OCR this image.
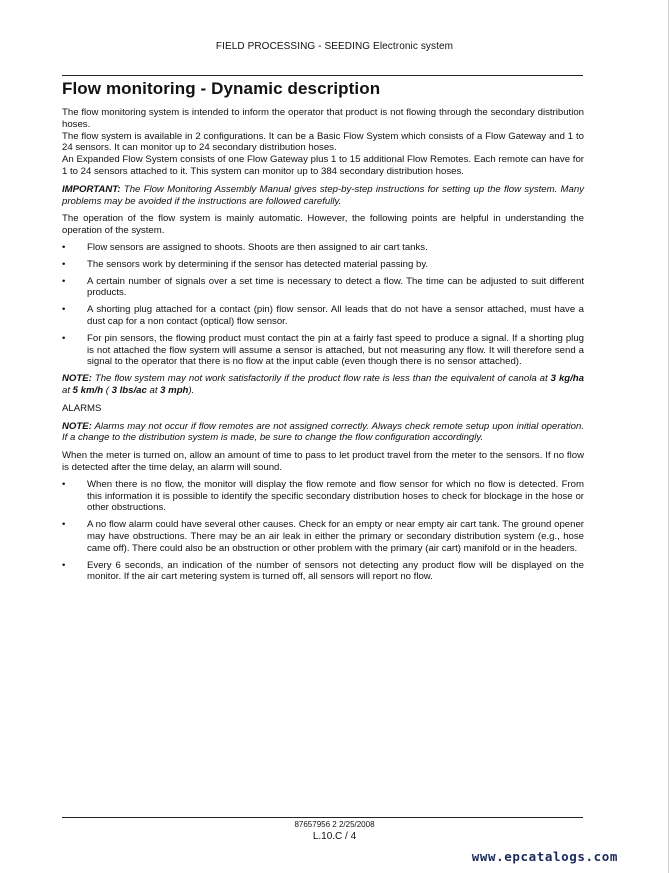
FIELD PROCESSING - SEEDING Electronic system
Flow monitoring - Dynamic description

The flow monitoring system is intended to inform the operator that product is not flowing through the secondary distribution hoses.

The flow system is available in 2 configurations. It can be a Basic Flow System which consists of a Flow Gateway and 1 to 24 sensors. It can monitor up to 24 secondary distribution hoses.

An Expanded Flow System consists of one Flow Gateway plus 1 to 15 additional Flow Remotes. Each remote can have for 1 to 24 sensors attached to it. This system can monitor up to 384 secondary distribution hoses.

IMPORTANT: The Flow Monitoring Assembly Manual gives step-by-step instructions for setting up the flow system. Many problems may be avoided if the instructions are followed carefully.

The operation of the flow system is mainly automatic. However, the following points are helpful in understanding the operation of the system.

•	Flow sensors are assigned to shoots. Shoots are then assigned to air cart tanks.
•	The sensors work by determining if the sensor has detected material passing by.
•	A certain number of signals over a set time is necessary to detect a flow. The time can be adjusted to suit different products.
•	A shorting plug attached for a contact (pin) flow sensor. All leads that do not have a sensor attached, must have a dust cap for a non contact (optical) flow sensor.
•	For pin sensors, the flowing product must contact the pin at a fairly fast speed to produce a signal. If a shorting plug is not attached the flow system will assume a sensor is attached, but not measuring any flow. It will therefore send a signal to the operator that there is no flow at the input cable (even though there is no sensor attached).

NOTE: The flow system may not work satisfactorily if the product flow rate is less than the equivalent of canola at 3 kg/ha at 5 km/h ( 3 lbs/ac at 3 mph).

ALARMS

NOTE: Alarms may not occur if flow remotes are not assigned correctly. Always check remote setup upon initial operation. If a change to the distribution system is made, be sure to change the flow configuration accordingly.

When the meter is turned on, allow an amount of time to pass to let product travel from the meter to the sensors. If no flow is detected after the time delay, an alarm will sound.

•	When there is no flow, the monitor will display the flow remote and flow sensor for which no flow is detected. From this information it is possible to identify the specific secondary distribution hoses to check for blockage in the hose or other obstructions.
•	A no flow alarm could have several other causes. Check for an empty or near empty air cart tank. The ground opener may have obstructions. There may be an air leak in either the primary or secondary distribution system (e.g., hose came off). There could also be an obstruction or other problem with the primary (air cart) manifold or in the headers.
•	Every 6 seconds, an indication of the number of sensors not detecting any product flow will be displayed on the monitor. If the air cart metering system is turned off, all sensors will report no flow.
87657956 2 2/25/2008
L.10.C / 4
www.epcatalogs.com
